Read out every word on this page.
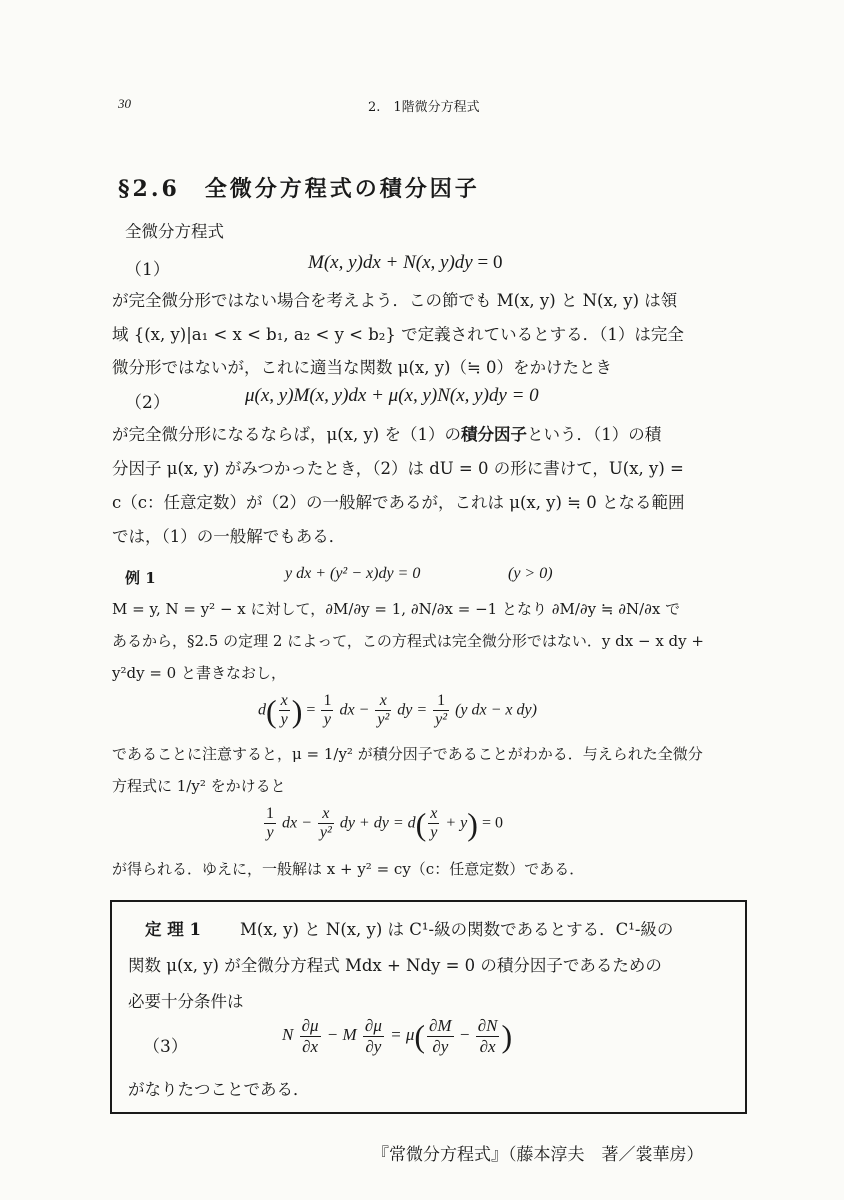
30	2.　1階微分方程式
§2.6　全微分方程式の積分因子
全微分方程式
（1）	M(x, y)dx + N(x, y)dy = 0
が完全微分形ではない場合を考えよう．この節でも M(x, y) と N(x, y) は領
域 {(x, y)|a₁ < x < b₁, a₂ < y < b₂} で定義されているとする．（1）は完全
微分形ではないが，これに適当な関数 μ(x, y)（≒ 0）をかけたとき
（2）	μ(x, y)M(x, y)dx + μ(x, y)N(x, y)dy = 0
が完全微分形になるならば，μ(x, y) を（1）の積分因子という．（1）の積
分因子 μ(x, y) がみつかったとき，（2）は dU = 0 の形に書けて，U(x, y) =
c（c：任意定数）が（2）の一般解であるが，これは μ(x, y) ≒ 0 となる範囲
では，（1）の一般解でもある．
例 1	y dx + (y² − x)dy = 0	(y > 0)
M = y, N = y² − x に対して，∂M/∂y = 1, ∂N/∂x = −1 となり ∂M/∂y ≒ ∂N/∂x で
あるから，§2.5 の定理 2 によって，この方程式は完全微分形ではない．y dx − x dy +
y²dy = 0 と書きなおし，
$d( \frac{x}{y}$ ) = $\frac{1}{y}$ dx − $\frac{x}{\text{y²}}$ dy = $\frac{1}{\text{y²}} (y$ dx − x dy)
であることに注意すると，μ = 1/y² が積分因子であることがわかる．与えられた全微分
方程式に 1/y² をかけると
$\frac{1}{y}$ dx − $\frac{x}{\text{y²}}$ dy + dy = $d( \frac{x}{y} + y) = 0$
が得られる．ゆえに，一般解は x + y² = cy（c：任意定数）である．
定 理 1 M(x, y) と N(x, y) は C¹-級の関数であるとする．C¹-級の
関数 μ(x, y) が全微分方程式 Mdx + Ndy = 0 の積分因子であるための
必要十分条件は
（3）
N $\frac{\partial\mu}{\partial x} - M \frac{\partial\mu}{\partial y} = \mu( \frac{\partial M}{\partial y} - \frac{\partial N}{\partial x}$ )
がなりたつことである．
『常微分方程式』（藤本淳夫　著／裳華房）
